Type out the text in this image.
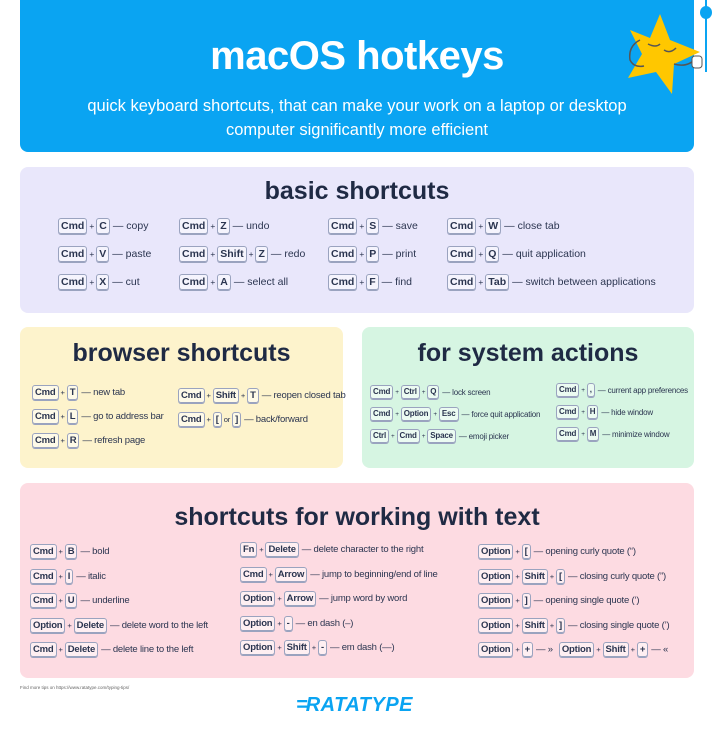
macOS hotkeys

quick keyboard shortcuts, that can make your work on a laptop or desktop computer significantly more efficient

basic shortcuts
browser shortcuts	for system actions
shortcuts for working with text
Find more tips on https://www.ratatype.com/typing-tips/
=RATATYPE
Cmd + C — copy
Cmd + V — paste
Cmd + X — cut
Cmd + Z — undo
Cmd + Shift + Z — redo
Cmd + A — select all
Cmd + S — save
Cmd + P — print
Cmd + F — find
Cmd + W — close tab
Cmd + Q — quit application
Cmd + Tab — switch between applications
Cmd + T — new tab
Cmd + L — go to address bar
Cmd + R — refresh page
Cmd + Shift + T — reopen closed tab
Cmd + [ or ] — back/forward
Cmd + Ctrl + Q — lock screen
Cmd + Option + Esc — force quit application
Ctrl + Cmd + Space — emoji picker
Cmd + , — current app preferences
Cmd + H — hide window
Cmd + M — minimize window
Cmd + B — bold
Cmd + I — italic
Cmd + U — underline
Option + Delete — delete word to the left
Cmd + Delete — delete line to the left
Fn + Delete — delete character to the right
Cmd + Arrow — jump to beginning/end of line
Option + Arrow — jump word by word
Option + - — en dash (–)
Option + Shift + - — em dash (—)
Option + [ — opening curly quote (“)
Option + Shift + [ — closing curly quote (”)
Option + ] — opening single quote (‘)
Option + Shift + ] — closing single quote (’)
Option + + — » Option + Shift + + — «
